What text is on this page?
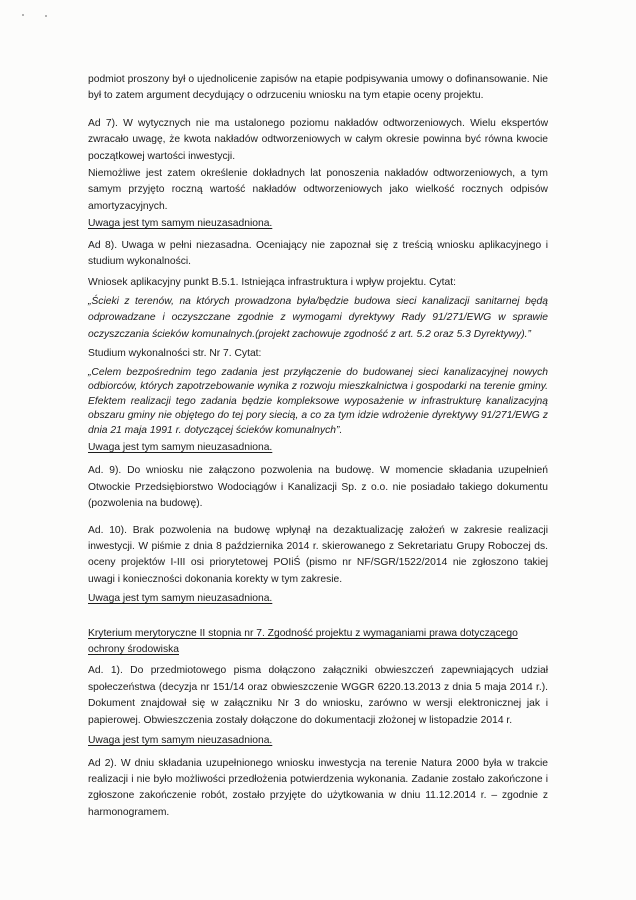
podmiot proszony był o ujednolicenie zapisów na etapie podpisywania umowy o dofinansowanie. Nie był to zatem argument decydujący o odrzuceniu wniosku na tym etapie oceny projektu.

Ad 7). W wytycznych nie ma ustalonego poziomu nakładów odtworzeniowych. Wielu ekspertów zwracało uwagę, że kwota nakładów odtworzeniowych w całym okresie powinna być równa kwocie początkowej wartości inwestycji.

Niemożliwe jest zatem określenie dokładnych lat ponoszenia nakładów odtworzeniowych, a tym samym przyjęto roczną wartość nakładów odtworzeniowych jako wielkość rocznych odpisów amortyzacyjnych.

Uwaga jest tym samym nieuzasadniona.

Ad 8). Uwaga w pełni niezasadna. Oceniający nie zapoznał się z treścią wniosku aplikacyjnego i studium wykonalności.

Wniosek aplikacyjny punkt B.5.1. Istniejąca infrastruktura i wpływ projektu. Cytat:

„Ścieki z terenów, na których prowadzona była/będzie budowa sieci kanalizacji sanitarnej będą odprowadzane i oczyszczane zgodnie z wymogami dyrektywy Rady 91/271/EWG w sprawie oczyszczania ścieków komunalnych.(projekt zachowuje zgodność z art. 5.2 oraz 5.3 Dyrektywy).”

Studium wykonalności str. Nr 7. Cytat:

„Celem bezpośrednim tego zadania jest przyłączenie do budowanej sieci kanalizacyjnej nowych odbiorców, których zapotrzebowanie wynika z rozwoju mieszkalnictwa i gospodarki na terenie gminy. Efektem realizacji tego zadania będzie kompleksowe wyposażenie w infrastrukturę kanalizacyjną obszaru gminy nie objętego do tej pory siecią, a co za tym idzie wdrożenie dyrektywy 91/271/EWG z dnia 21 maja 1991 r. dotyczącej ścieków komunalnych”.

Uwaga jest tym samym nieuzasadniona.

Ad. 9). Do wniosku nie załączono pozwolenia na budowę. W momencie składania uzupełnień Otwockie Przedsiębiorstwo Wodociągów i Kanalizacji Sp. z o.o. nie posiadało takiego dokumentu (pozwolenia na budowę).

Ad. 10). Brak pozwolenia na budowę wpłynął na dezaktualizację założeń w zakresie realizacji inwestycji. W piśmie z dnia 8 października 2014 r. skierowanego z Sekretariatu Grupy Roboczej ds. oceny projektów I-III osi priorytetowej POIiŚ (pismo nr NF/SGR/1522/2014 nie zgłoszono takiej uwagi i konieczności dokonania korekty w tym zakresie.

Uwaga jest tym samym nieuzasadniona.

Kryterium merytoryczne II stopnia nr 7. Zgodność projektu z wymaganiami prawa dotyczącego ochrony środowiska

Ad. 1). Do przedmiotowego pisma dołączono załączniki obwieszczeń zapewniających udział społeczeństwa (decyzja nr 151/14 oraz obwieszczenie WGGR 6220.13.2013 z dnia 5 maja 2014 r.). Dokument znajdował się w załączniku Nr 3 do wniosku, zarówno w wersji elektronicznej jak i papierowej. Obwieszczenia zostały dołączone do dokumentacji złożonej w listopadzie 2014 r.

Uwaga jest tym samym nieuzasadniona.

Ad 2). W dniu składania uzupełnionego wniosku inwestycja na terenie Natura 2000 była w trakcie realizacji i nie było możliwości przedłożenia potwierdzenia wykonania. Zadanie zostało zakończone i zgłoszone zakończenie robót, zostało przyjęte do użytkowania w dniu 11.12.2014 r. – zgodnie z harmonogramem.
